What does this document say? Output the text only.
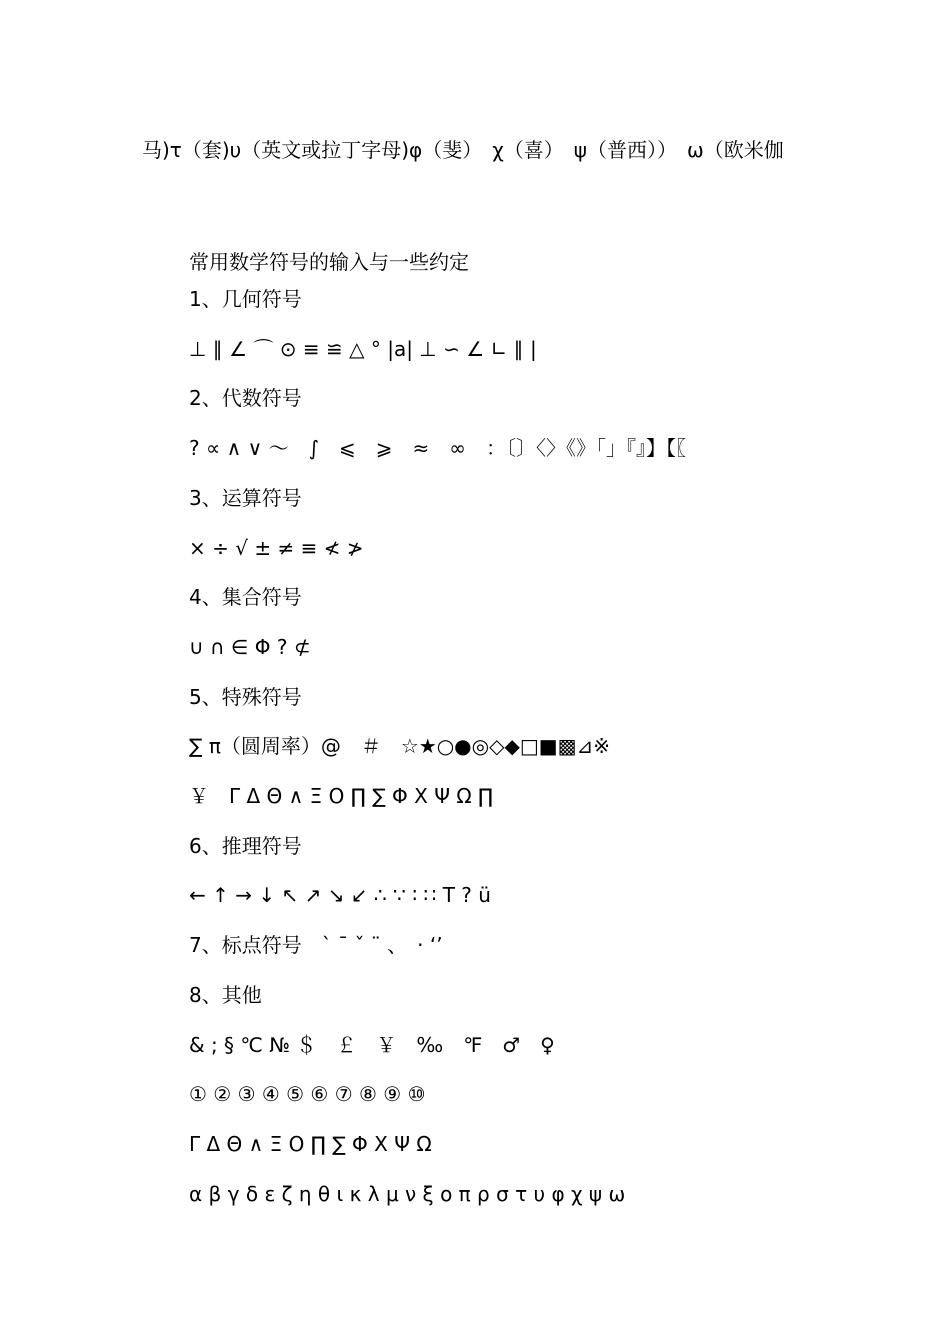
马)τ（套)υ（英文或拉丁字母)φ（斐）　χ（喜）　ψ（普西））　ω（欧米伽
常用数学符号的输入与一些约定
1、几何符号
⊥ ∥ ∠ ⌒ ⊙ ≡ ≌ △ ° |a| ⊥ ∽ ∠ ∟ ∥ |
2、代数符号
? ∝ ∧ ∨ ～　∫　⩽　⩾　≈　∞　：〔〕〈〉《》「」『』】【〖
3、运算符号
× ÷ √ ± ≠ ≡ ≮ ≯
4、集合符号
∪ ∩ ∈ Φ ? ⊄
5、特殊符号
∑ π（圆周率）@　＃　☆★○●◎◇◆□■▩⊿※
￥　Γ Δ Θ ∧ Ξ Ο ∏ ∑ Φ Χ Ψ Ω ∏
6、推理符号
← ↑ → ↓ ↖ ↗ ↘ ↙ ∴ ∵ ∶ ∷ T ? ü
7、标点符号　ˋ ˉ ˇ ¨ 、　· ‘’
8、其他
& ; § ℃ № ＄　￡　￥　‰　℉　♂　♀
① ② ③ ④ ⑤ ⑥ ⑦ ⑧ ⑨ ⑩
Γ Δ Θ ∧ Ξ Ο ∏ ∑ Φ Χ Ψ Ω
α β γ δ ε ζ η θ ι κ λ μ ν ξ ο π ρ σ τ υ φ χ ψ ω
